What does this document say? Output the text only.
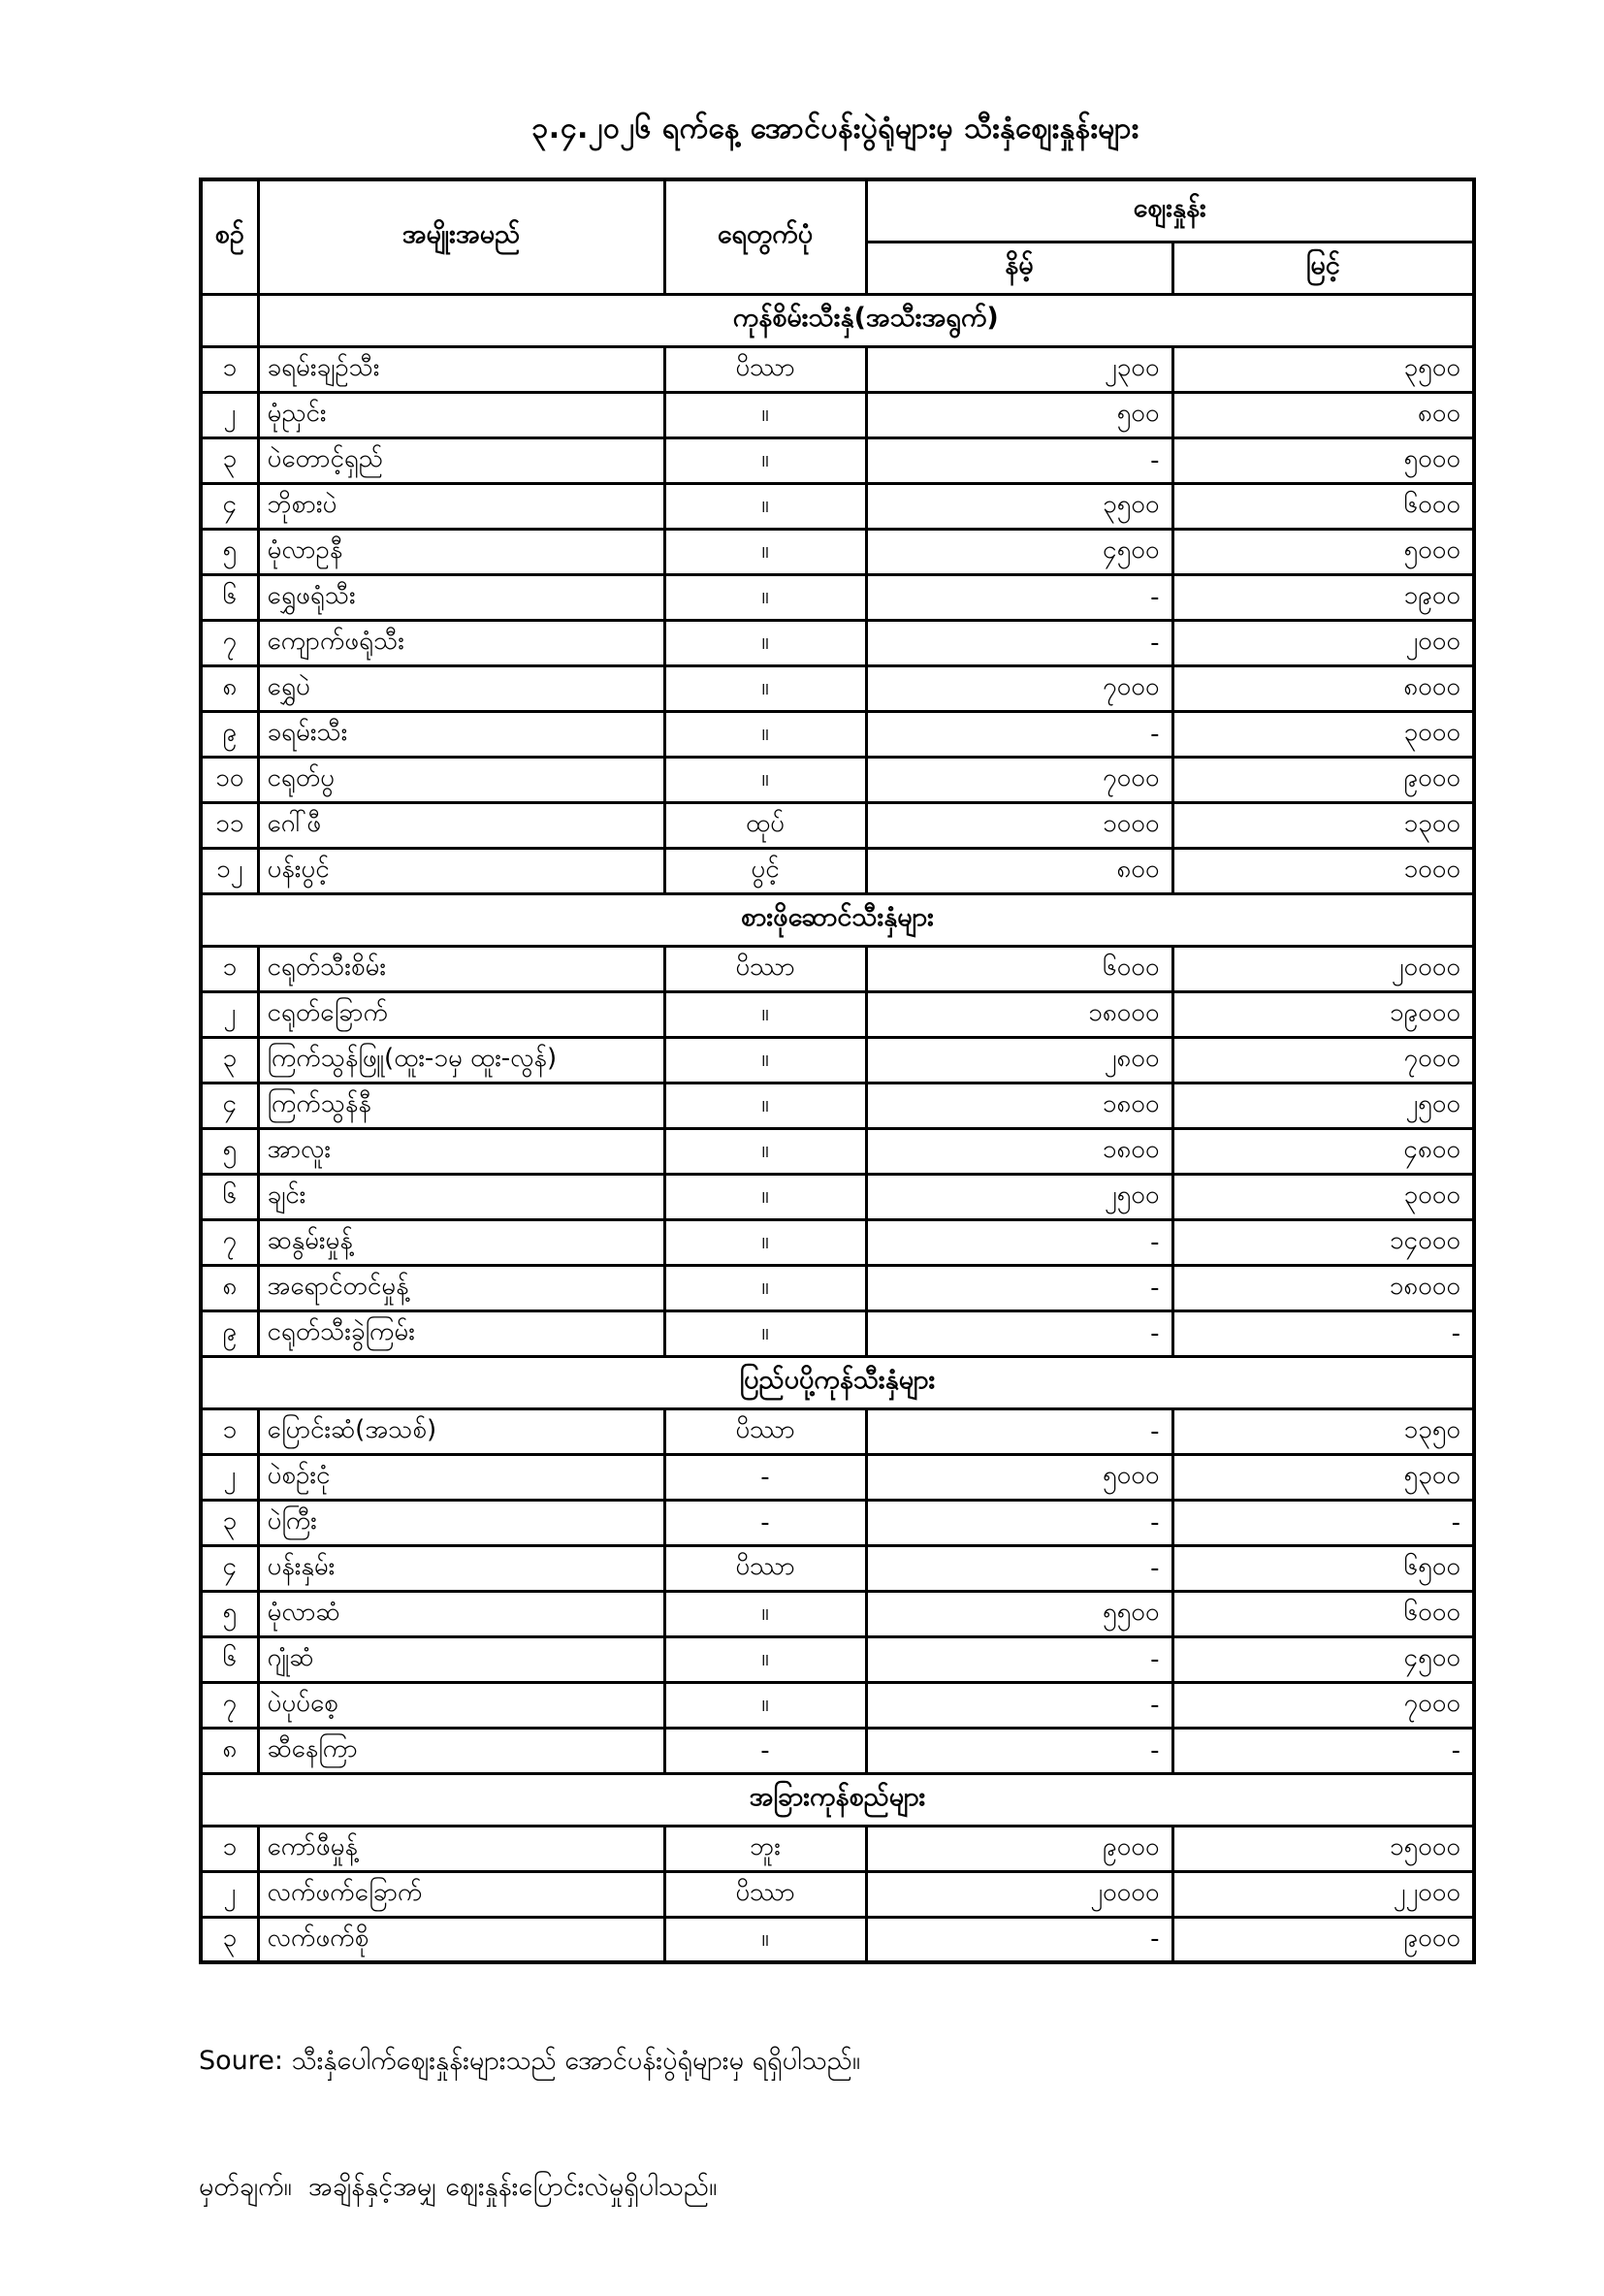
၃.၄.၂၀၂၆ ရက်နေ့ အောင်ပန်းပွဲရုံများမှ သီးနှံဈေးနှုန်းများ
စဉ်	အမျိုးအမည်	ရေတွက်ပုံ	ဈေးနှုန်း	
			နိမ့်	မြင့်
	ကုန်စိမ်းသီးနှံ(အသီးအရွက်)			
၁	ခရမ်းချဉ်သီး	ပိဿာ	၂၃၀၀	၃၅၀၀
၂	မုံညှင်း	။	၅၀၀	၈၀၀
၃	ပဲတောင့်ရှည်	။	-	၅၀၀၀
၄	ဘိုစားပဲ	။	၃၅၀၀	၆၀၀၀
၅	မုံလာဥနီ	။	၄၅၀၀	၅၀၀၀
၆	ရွှေဖရုံသီး	။	-	၁၉၀၀
၇	ကျောက်ဖရုံသီး	။	-	၂၀၀၀
၈	ရွှေပဲ	။	၇၀၀၀	၈၀၀၀
၉	ခရမ်းသီး	။	-	၃၀၀၀
၁၀	ငရုတ်ပွ	။	၇၀၀၀	၉၀၀၀
၁၁	ဂေါ်ဖီ	ထုပ်	၁၀၀၀	၁၃၀၀
၁၂	ပန်းပွင့်	ပွင့်	၈၀၀	၁၀၀၀
စားဖိုဆောင်သီးနှံများ				
၁	ငရုတ်သီးစိမ်း	ပိဿာ	၆၀၀၀	၂၀၀၀၀
၂	ငရုတ်ခြောက်	။	၁၈၀၀၀	၁၉၀၀၀
၃	ကြက်သွန်ဖြူ(ထူး-၁မှ ထူး-လွန်)	။	၂၈၀၀	၇၀၀၀
၄	ကြက်သွန်နီ	။	၁၈၀၀	၂၅၀၀
၅	အာလူး	။	၁၈၀၀	၄၈၀၀
၆	ချင်း	။	၂၅၀၀	၃၀၀၀
၇	ဆနွမ်းမှုန့်	။	-	၁၄၀၀၀
၈	အရောင်တင်မှုန့်	။	-	၁၈၀၀၀
၉	ငရုတ်သီးခွဲကြမ်း	။	-	-
ပြည်ပပို့ကုန်သီးနှံများ				
၁	ပြောင်းဆံ(အသစ်)	ပိဿာ	-	၁၃၅၀
၂	ပဲစဉ်းငုံ	-	၅၀၀၀	၅၃၀၀
၃	ပဲကြီး	-	-	-
၄	ပန်းနှမ်း	ပိဿာ	-	၆၅၀၀
၅	မုံလာဆံ	။	၅၅၀၀	၆၀၀၀
၆	ဂျုံဆံ	။	-	၄၅၀၀
၇	ပဲပုပ်စေ့	။	-	၇၀၀၀
၈	ဆီနေကြာ	-	-	-
အခြားကုန်စည်များ				
၁	ကော်ဖီမှုန့်	ဘူး	၉၀၀၀	၁၅၀၀၀
၂	လက်ဖက်ခြောက်	ပိဿာ	၂၀၀၀၀	၂၂၀၀၀
၃	လက်ဖက်စို	။	-	၉၀၀၀

Soure: သီးနှံပေါက်ဈေးနှုန်းများသည် အောင်ပန်းပွဲရုံများမှ ရရှိပါသည်။

မှတ်ချက်။  အချိန်နှင့်အမျှ ဈေးနှုန်းပြောင်းလဲမှုရှိပါသည်။
